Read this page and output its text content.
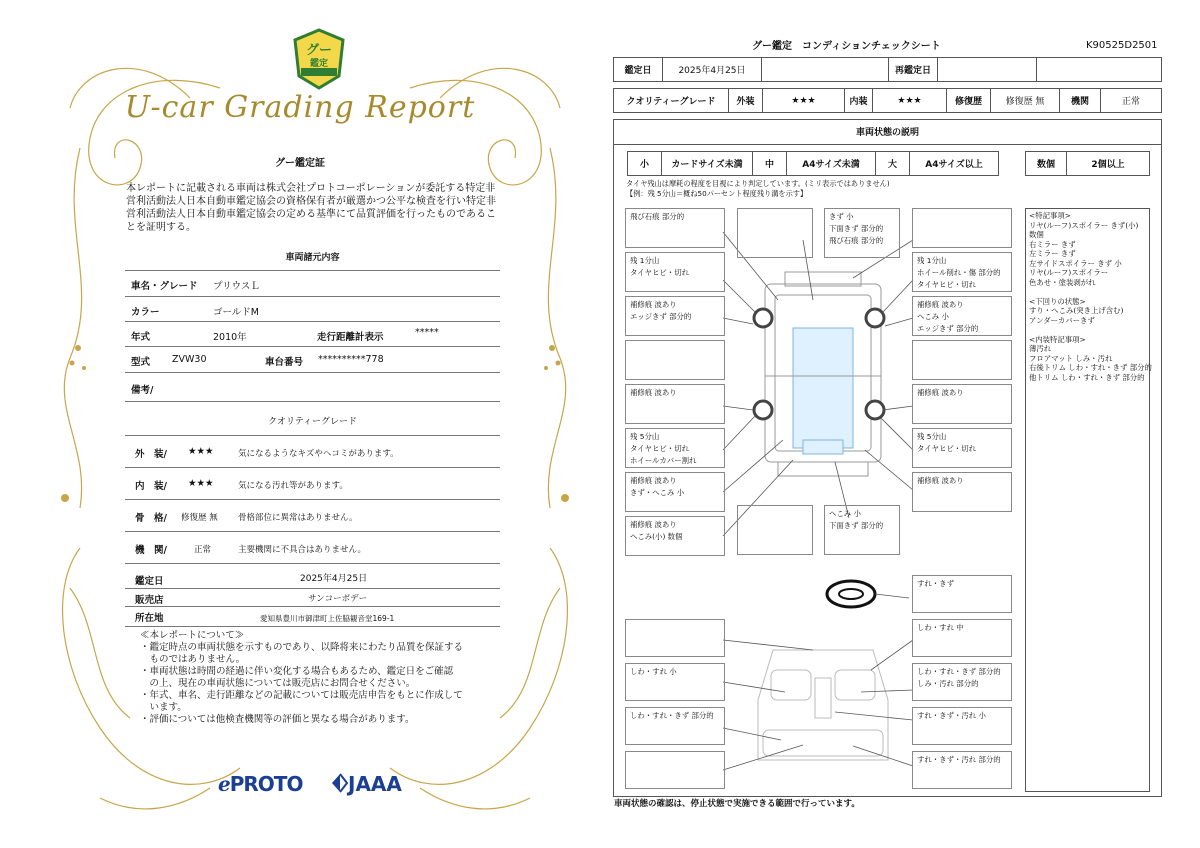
グー
鑑定
U-car Grading Report
グー鑑定証
本レポートに記載される車両は株式会社プロトコーポレーションが委託する特定非営利活動法人日本自動車鑑定協会の資格保有者が厳選かつ公平な検査を行い特定非営利活動法人日本自動車鑑定協会の定める基準にて品質評価を行ったものであることを証明する。
車両諸元内容
車名・グレード プリウスＬ
カラー	ゴールドM
年式	2010年	走行距離計表示	*****
型式 ZVW30	車台番号 **********778
備考/
クオリティーグレード
外　装/ ★★★	気になるようなキズやヘコミがあります。
内　装/ ★★★	気になる汚れ等があります。
骨　格/ 修復歴 無 骨格部位に異常はありません。
機　関/	正常	主要機関に不具合はありません。
鑑定日	2025年4月25日
販売店	サンコーボデー
所在地	愛知県豊川市御津町上佐脇観音堂169-1
≪本レポートについて≫
・鑑定時点の車両状態を示すものであり、以降将来にわたり品質を保証する
　ものではありません。
・車両状態は時間の経過に伴い変化する場合もあるため、鑑定日をご確認
　の上、現在の車両状態については販売店にお問合せください。
・年式、車名、走行距離などの記載については販売店申告をもとに作成して
　います。
・評価については他検査機関等の評価と異なる場合があります。
ℯPROTO	JAAA
グー鑑定　コンディションチェックシート	K90525D2501
鑑定日	2025年4月25日	再鑑定日
クオリティーグレード	外装	★★★	内装	★★★	修復歴	修復歴 無	機関	正常
車両状態の説明
小	カードサイズ未満	中	A4サイズ未満	大	A4サイズ以上	数個	2個以上
タイヤ残山は摩耗の程度を目視により判定しています。(ミリ表示ではありません)
【例：残 5分山＝概ね50パーセント程度残り溝を示す】
飛び石痕 部分的	きず 小
下面きず 部分的
飛び石痕 部分的
残 1分山
タイヤヒビ・切れ
残 1分山
ホイール削れ・傷 部分的
タイヤヒビ・切れ
補修痕 波あり
エッジきず 部分的
補修痕 波あり
へこみ 小
エッジきず 部分的
補修痕 波あり	補修痕 波あり
残 5分山
タイヤヒビ・切れ
ホイールカバー割れ
残 5分山
タイヤヒビ・切れ
補修痕 波あり
きず・へこみ 小
補修痕 波あり
補修痕 波あり
へこみ(小) 数個
へこみ 小
下面きず 部分的
すれ・きず
しわ・すれ 中
しわ・すれ 小	しわ・すれ・きず 部分的
しみ・汚れ 部分的
しわ・すれ・きず 部分的	すれ・きず・汚れ 小
すれ・きず・汚れ 部分的
<特記事項>
リヤ(ルーフ)スポイラー きず(小)
数個
右ミラー きず
左ミラー きず
左サイドスポイラー きず 小
リヤ(ルーフ)スポイラー
色あせ・塗装剥がれ

<下回りの状態>
すり・へこみ(突き上げ含む)
アンダーカバーきず

<内装特記事項>
薄汚れ
フロアマット しみ・汚れ
右後トリム しわ・すれ・きず 部分的
他トリム しわ・すれ・きず 部分的
車両状態の確認は、停止状態で実施できる範囲で行っています。
